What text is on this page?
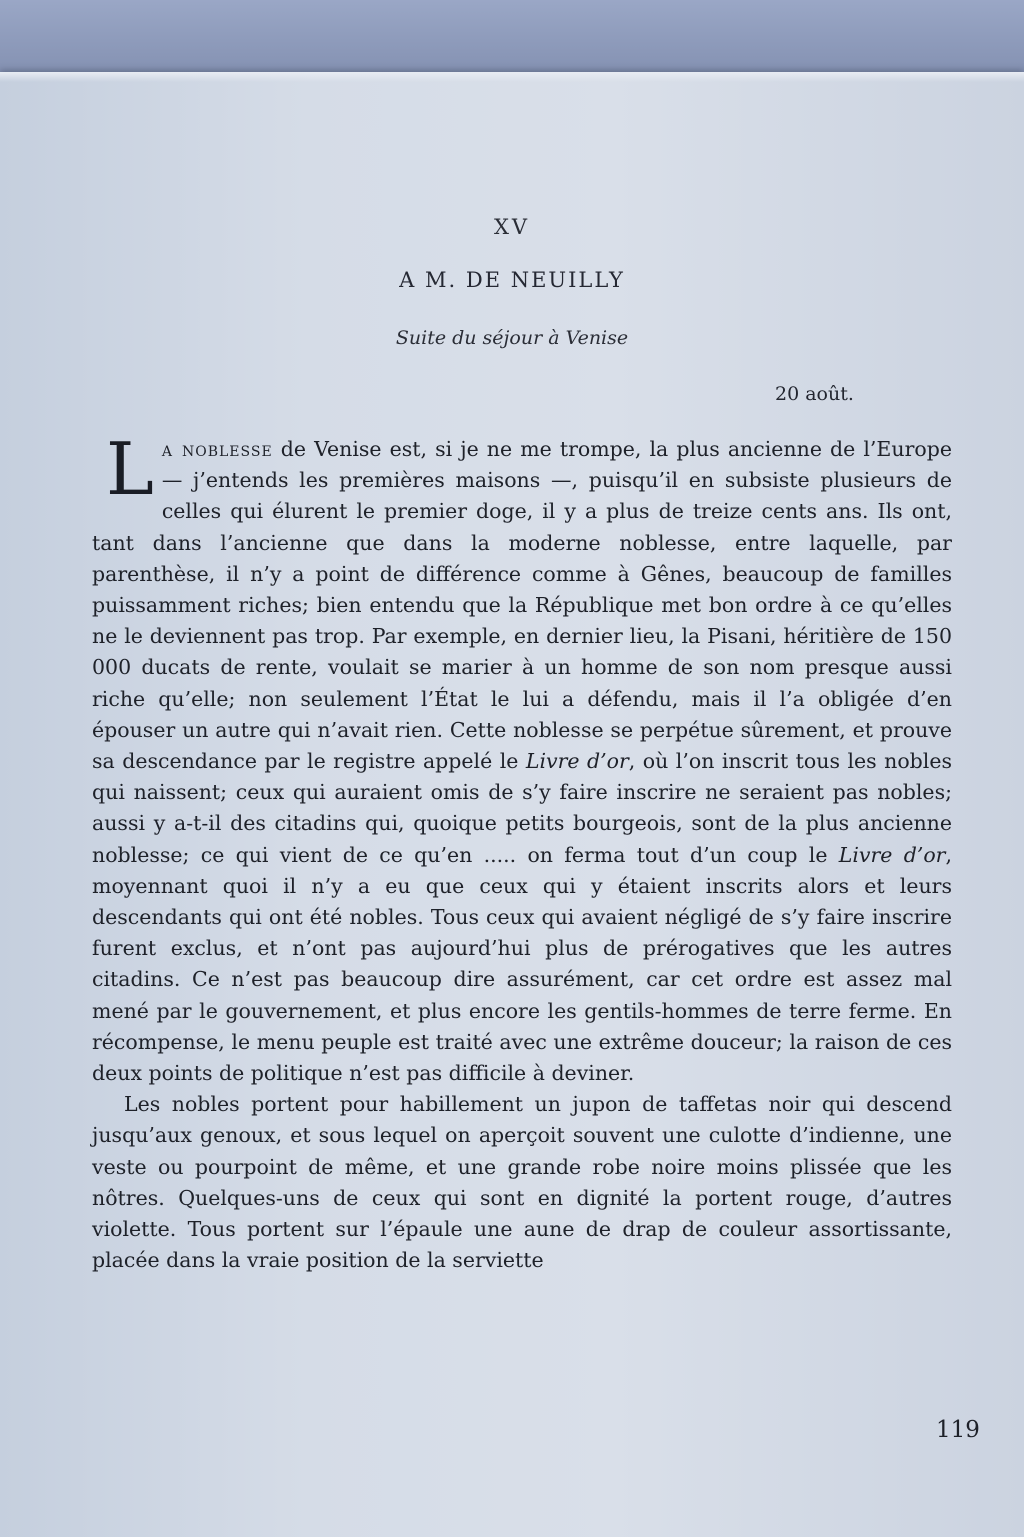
XV
A M. DE NEUILLY
Suite du séjour à Venise
20 août.

La noblesse de Venise est, si je ne me trompe, la plus ancienne de l’Europe — j’entends les premières maisons —, puisqu’il en subsiste plusieurs de celles qui élurent le premier doge, il y a plus de treize cents ans. Ils ont, tant dans l’ancienne que dans la moderne noblesse, entre laquelle, par parenthèse, il n’y a point de différence comme à Gênes, beaucoup de familles puissamment riches; bien entendu que la République met bon ordre à ce qu’elles ne le deviennent pas trop. Par exemple, en dernier lieu, la Pisani, héritière de 150 000 ducats de rente, voulait se marier à un homme de son nom presque aussi riche qu’elle; non seulement l’État le lui a défendu, mais il l’a obligée d’en épouser un autre qui n’avait rien. Cette noblesse se perpétue sûrement, et prouve sa descendance par le registre appelé le Livre d’or, où l’on inscrit tous les nobles qui naissent; ceux qui auraient omis de s’y faire inscrire ne seraient pas nobles; aussi y a-t-il des citadins qui, quoique petits bourgeois, sont de la plus ancienne noblesse; ce qui vient de ce qu’en ..... on ferma tout d’un coup le Livre d’or, moyennant quoi il n’y a eu que ceux qui y étaient inscrits alors et leurs descendants qui ont été nobles. Tous ceux qui avaient négligé de s’y faire inscrire furent exclus, et n’ont pas aujourd’hui plus de prérogatives que les autres citadins. Ce n’est pas beaucoup dire assurément, car cet ordre est assez mal mené par le gouvernement, et plus encore les gentils-hommes de terre ferme. En récompense, le menu peuple est traité avec une extrême douceur; la raison de ces deux points de politique n’est pas difficile à deviner.

Les nobles portent pour habillement un jupon de taffetas noir qui descend jusqu’aux genoux, et sous lequel on aperçoit souvent une culotte d’indienne, une veste ou pourpoint de même, et une grande robe noire moins plissée que les nôtres. Quelques-uns de ceux qui sont en dignité la portent rouge, d’autres violette. Tous portent sur l’épaule une aune de drap de couleur assortissante, placée dans la vraie position de la serviette

119
